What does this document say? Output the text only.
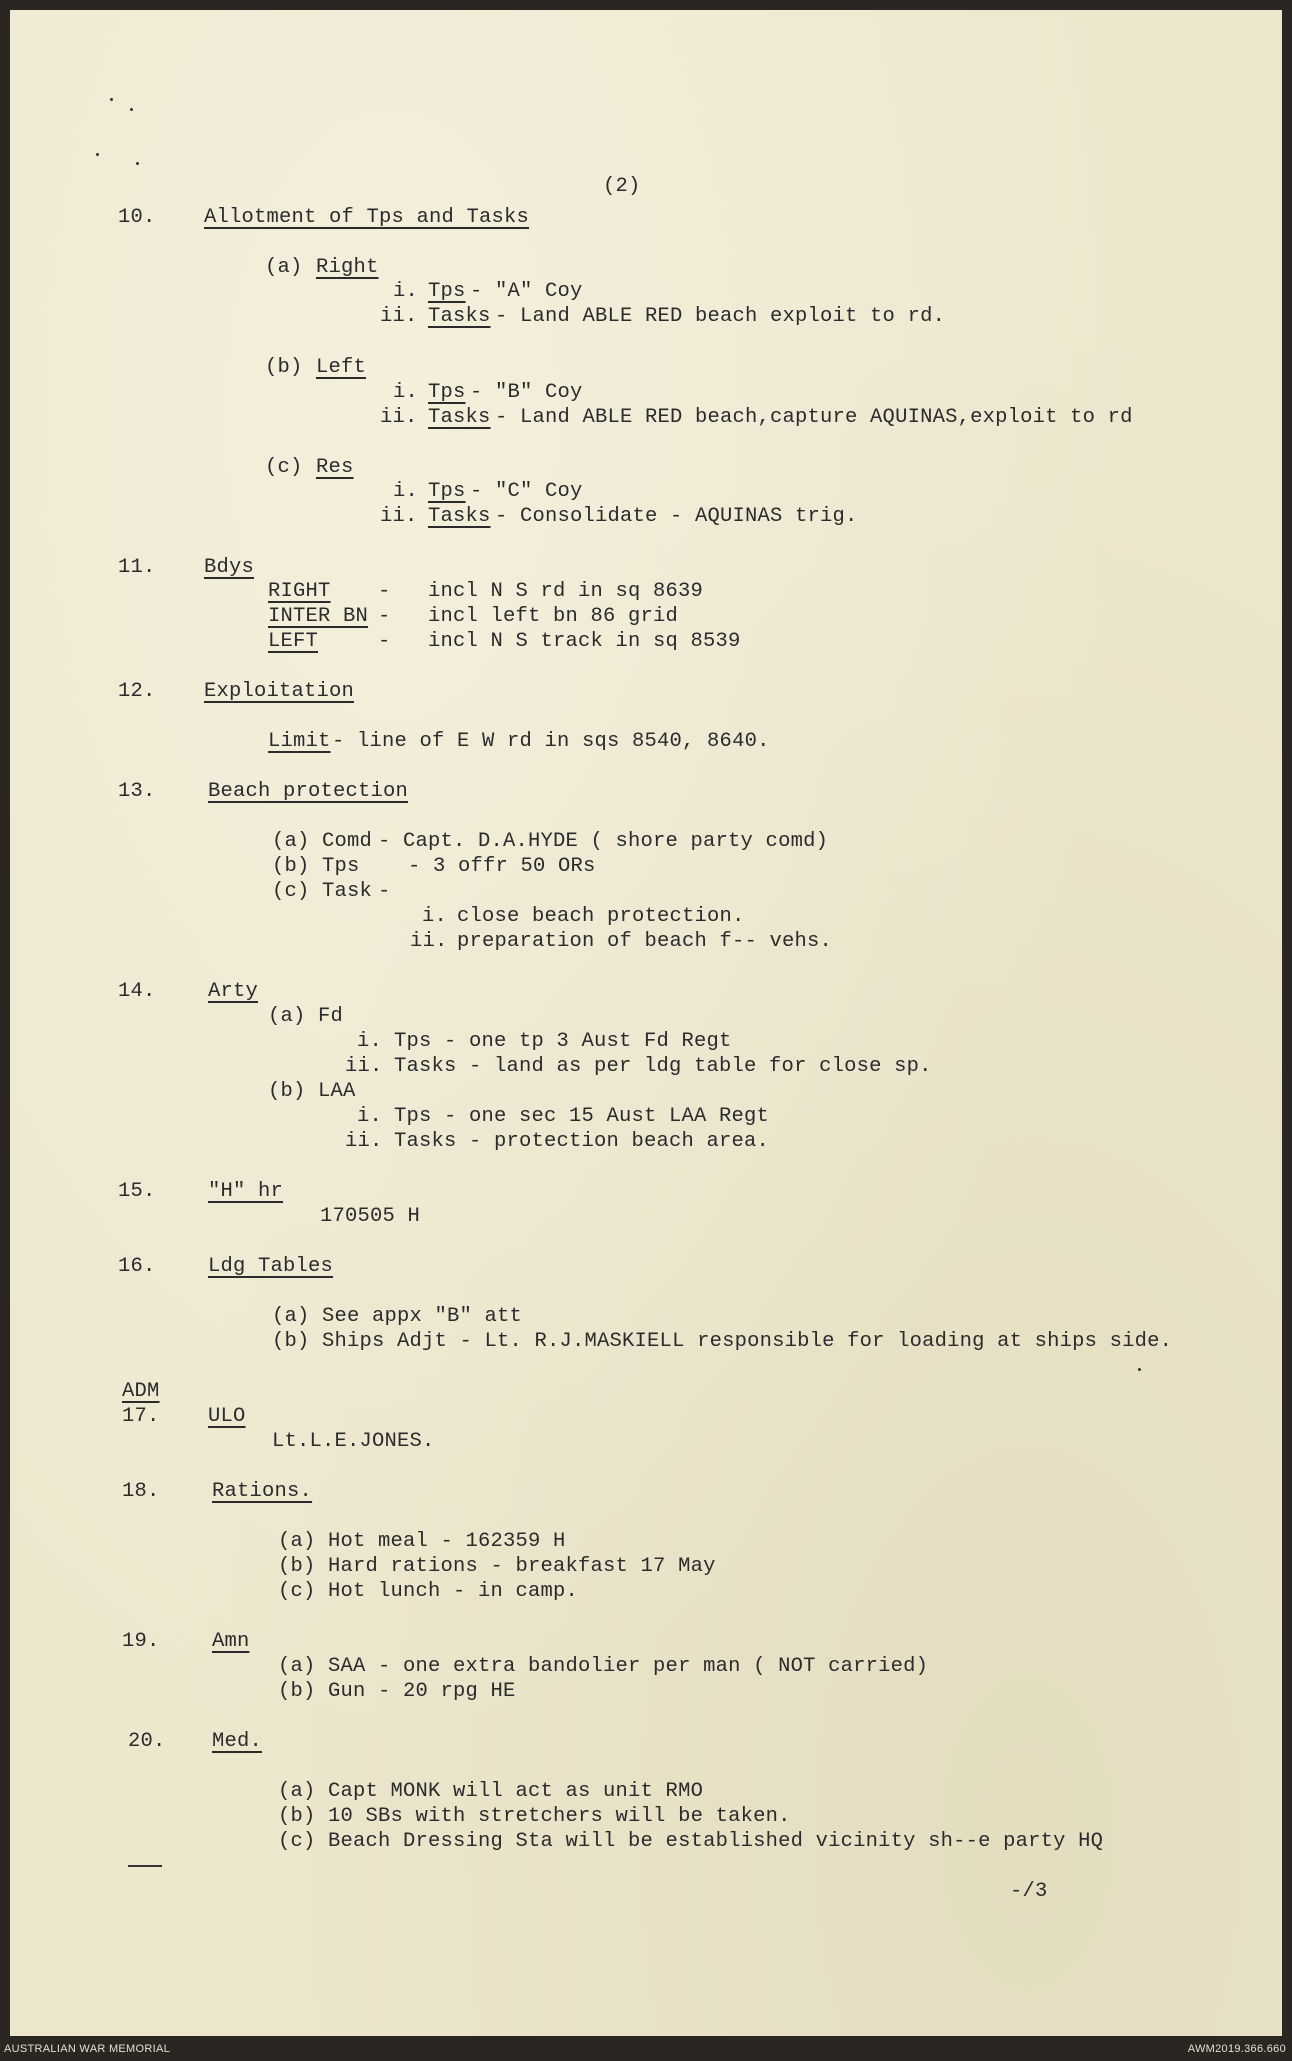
(2)
10. Allotment of Tps and Tasks
(a) Right
i. Tps - "A" Coy
ii. Tasks - Land ABLE RED beach exploit to rd.
(b) Left
i. Tps - "B" Coy
ii. Tasks - Land ABLE RED beach,capture AQUINAS,exploit to rd
(c) Res
i. Tps - "C" Coy
ii. Tasks - Consolidate - AQUINAS trig.
11. Bdys
RIGHT - incl N S rd in sq 8639
INTER BN - incl left bn 86 grid
LEFT	- incl N S track in sq 8539
12. Exploitation
Limit - line of E W rd in sqs 8540, 8640.
13.	Beach protection
(a) Comd - Capt. D.A.HYDE ( shore party comd)
(b) Tps - 3 offr 50 ORs
(c) Task -
i. close beach protection.
ii. preparation of beach f-- vehs.
14.	Arty
(a) Fd
i. Tps - one tp 3 Aust Fd Regt
ii. Tasks - land as per ldg table for close sp.
(b) LAA
i. Tps - one sec 15 Aust LAA Regt
ii. Tasks - protection beach area.
15.	"H" hr
170505 H
16.	Ldg Tables
(a) See appx "B" att
(b) Ships Adjt - Lt. R.J.MASKIELL responsible for loading at ships side.
ADM
17. ULO
Lt.L.E.JONES.
18.	Rations.
(a) Hot meal - 162359 H
(b) Hard rations - breakfast 17 May
(c) Hot lunch - in camp.
19.	Amn
(a) SAA - one extra bandolier per man ( NOT carried)
(b) Gun - 20 rpg HE
20. Med.
(a) Capt MONK will act as unit RMO
(b) 10 SBs with stretchers will be taken.
(c) Beach Dressing Sta will be established vicinity sh--e party HQ
-/3
AUSTRALIAN WAR MEMORIAL	AWM2019.366.660
